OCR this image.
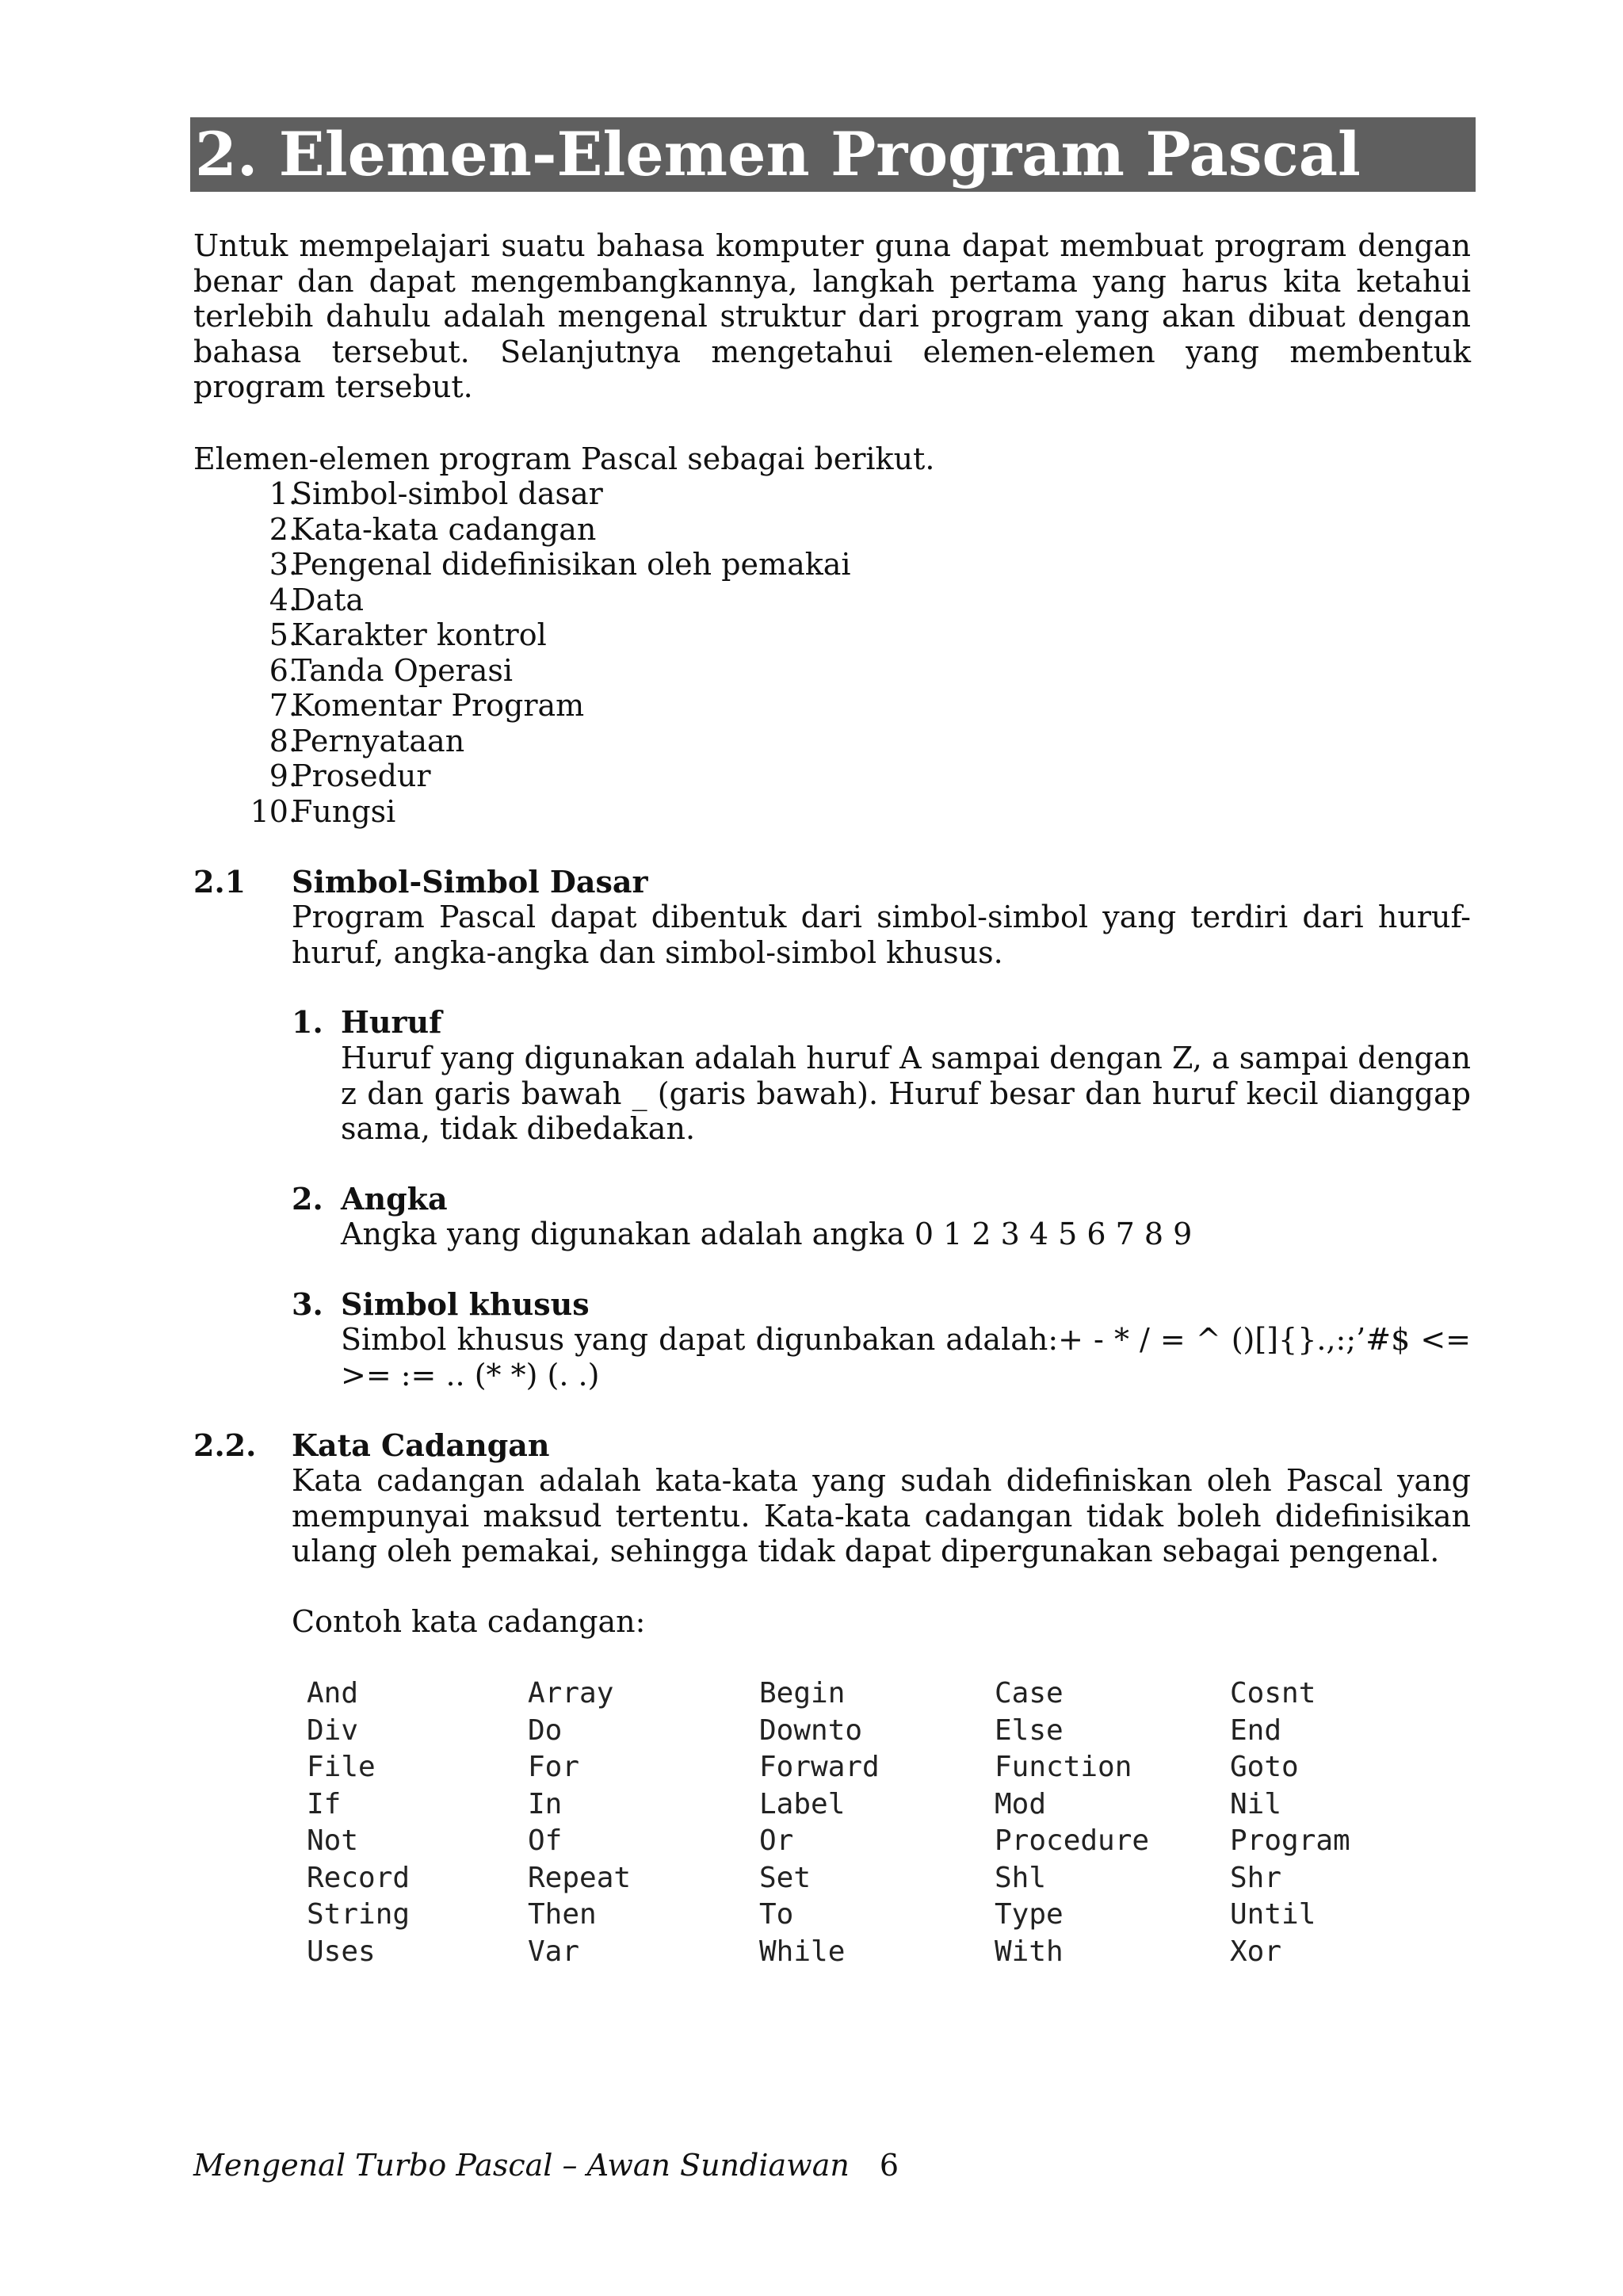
2. Elemen-Elemen Program Pascal
Untuk mempelajari suatu bahasa komputer guna dapat membuat program dengan benar dan dapat mengembangkannya, langkah pertama yang harus kita ketahui terlebih dahulu adalah mengenal struktur dari program yang akan dibuat dengan bahasa tersebut. Selanjutnya mengetahui elemen-elemen yang membentuk program tersebut.
Elemen-elemen program Pascal sebagai berikut.
1.
Simbol-simbol dasar
2.
Kata-kata cadangan
3.
Pengenal didefinisikan oleh pemakai
4.
Data
5.
Karakter kontrol
6.
Tanda Operasi
7.
Komentar Program
8.
Pernyataan
9.
Prosedur
10.
Fungsi
2.1 Simbol-Simbol Dasar
Program Pascal dapat dibentuk dari simbol-simbol yang terdiri dari huruf-huruf, angka-angka dan simbol-simbol khusus.
1. Huruf
Huruf yang digunakan adalah huruf A sampai dengan Z, a sampai dengan z dan garis bawah _ (garis bawah). Huruf besar dan huruf kecil dianggap sama, tidak dibedakan.
2. Angka
Angka yang digunakan adalah angka 0 1 2 3 4 5 6 7 8 9
3. Simbol khusus
Simbol khusus yang dapat digunbakan adalah:+ - * / = ^ ()[]{}.,:;’#$ <= >= := .. (* *) (. .)
2.2. Kata Cadangan
Kata cadangan adalah kata-kata yang sudah didefiniskan oleh Pascal yang mempunyai maksud tertentu. Kata-kata cadangan tidak boleh didefinisikan ulang oleh pemakai, sehingga tidak dapat dipergunakan sebagai pengenal.
Contoh kata cadangan:
And	Array	Begin	Case	Cosnt
Div	Do	Downto	Else	End
File	For	Forward	Function	Goto
If	In	Label	Mod	Nil
Not	Of	Or	Procedure	Program
Record	Repeat	Set	Shl	Shr
String	Then	To	Type	Until
Uses	Var	While	With	Xor
Mengenal Turbo Pascal – Awan Sundiawan 6
